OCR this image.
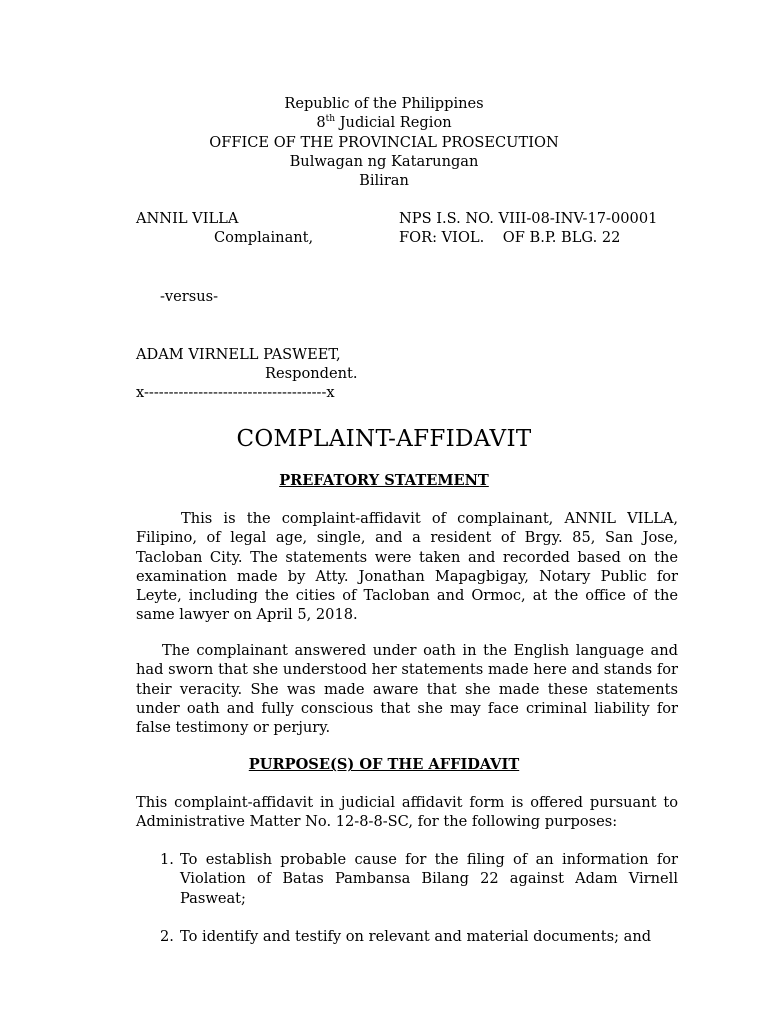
Republic of the Philippines
8th Judicial Region
OFFICE OF THE PROVINCIAL PROSECUTION
Bulwagan ng Katarungan
Biliran
ANNIL VILLA	NPS I.S. NO. VIII-08-INV-17-00001
Complainant,	FOR: VIOL.    OF B.P. BLG. 22
-versus-
ADAM VIRNELL PASWEET,
Respondent.
x-------------------------------------x
COMPLAINT-AFFIDAVIT
PREFATORY STATEMENT
This is the complaint-affidavit of complainant, ANNIL VILLA, Filipino, of legal age, single, and a resident of Brgy. 85, San Jose, Tacloban City. The statements were taken and recorded based on the examination made by Atty. Jonathan Mapagbigay, Notary Public for Leyte, including the cities of Tacloban and Ormoc, at the office of the same lawyer on April 5, 2018.
The complainant answered under oath in the English language and had sworn that she understood her statements made here and stands for their veracity. She was made aware that she made these statements under oath and fully conscious that she may face criminal liability for false testimony or perjury.
PURPOSE(S) OF THE AFFIDAVIT
This complaint-affidavit in judicial affidavit form is offered pursuant to Administrative Matter No. 12-8-8-SC, for the following purposes:
1. To establish probable cause for the filing of an information for Violation of Batas Pambansa Bilang 22 against Adam Virnell Pasweat;
2. To identify and testify on relevant and material documents; and
